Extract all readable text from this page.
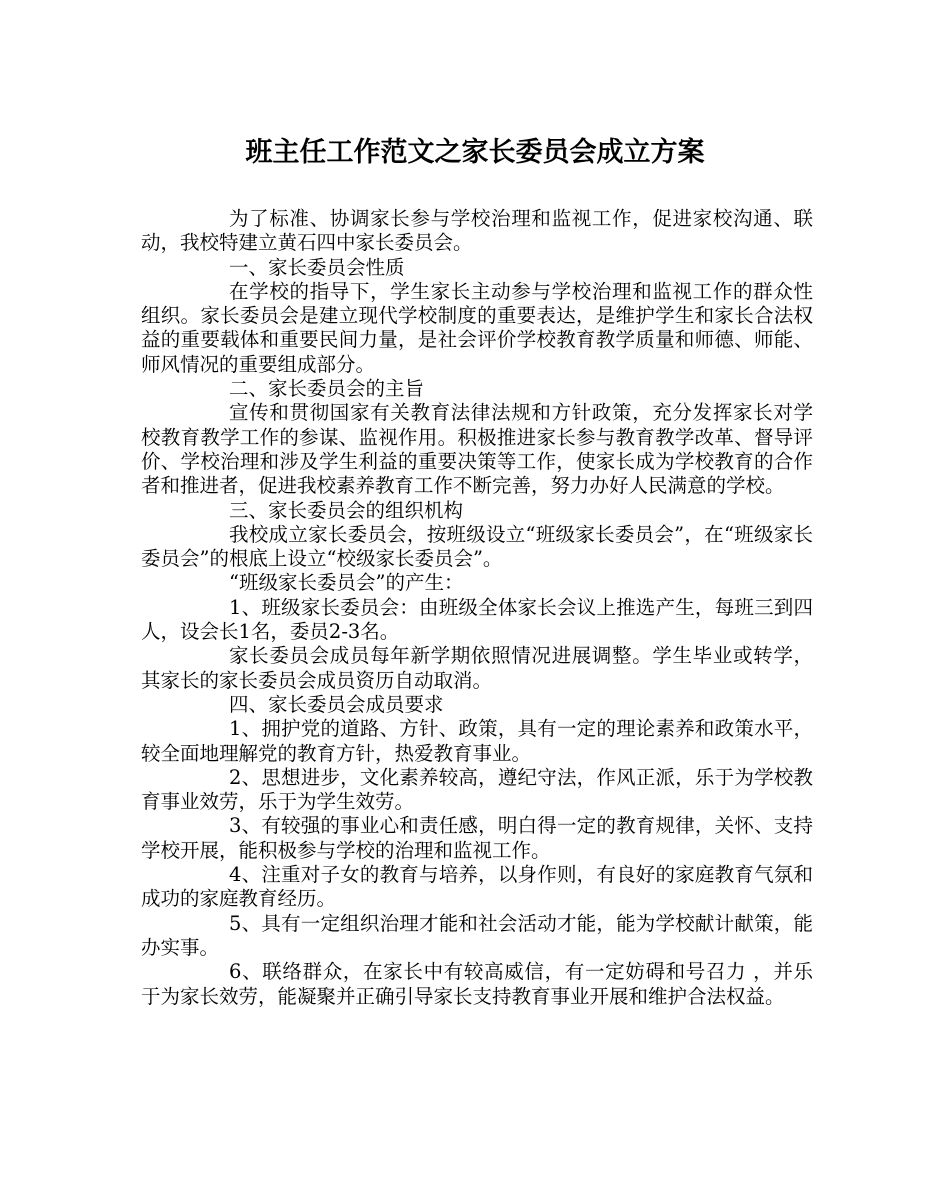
班主任工作范文之家长委员会成立方案

为了标准、协调家长参与学校治理和监视工作，促进家校沟通、联动，我校特建立黄石四中家长委员会。

一、家长委员会性质

在学校的指导下，学生家长主动参与学校治理和监视工作的群众性组织。家长委员会是建立现代学校制度的重要表达，是维护学生和家长合法权益的重要载体和重要民间力量，是社会评价学校教育教学质量和师德、师能、师风情况的重要组成部分。

二、家长委员会的主旨

宣传和贯彻国家有关教育法律法规和方针政策，充分发挥家长对学校教育教学工作的参谋、监视作用。积极推进家长参与教育教学改革、督导评价、学校治理和涉及学生利益的重要决策等工作，使家长成为学校教育的合作者和推进者，促进我校素养教育工作不断完善，努力办好人民满意的学校。

三、家长委员会的组织机构

我校成立家长委员会，按班级设立“班级家长委员会”，在“班级家长委员会”的根底上设立“校级家长委员会”。

“班级家长委员会”的产生：

1、班级家长委员会：由班级全体家长会议上推选产生，每班三到四人，设会长1名，委员2-3名。

家长委员会成员每年新学期依照情况进展调整。学生毕业或转学，其家长的家长委员会成员资历自动取消。

四、家长委员会成员要求

1、拥护党的道路、方针、政策，具有一定的理论素养和政策水平，较全面地理解党的教育方针，热爱教育事业。

2、思想进步，文化素养较高，遵纪守法，作风正派，乐于为学校教育事业效劳，乐于为学生效劳。

3、有较强的事业心和责任感，明白得一定的教育规律，关怀、支持学校开展，能积极参与学校的治理和监视工作。

4、注重对子女的教育与培养，以身作则，有良好的家庭教育气氛和成功的家庭教育经历。

5、具有一定组织治理才能和社会活动才能，能为学校献计献策，能办实事。

6、联络群众，在家长中有较高威信，有一定妨碍和号召力 ，并乐于为家长效劳，能凝聚并正确引导家长支持教育事业开展和维护合法权益。
